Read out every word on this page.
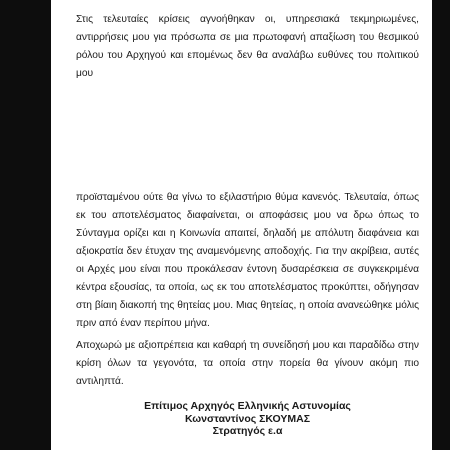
Στις τελευταίες κρίσεις αγνοήθηκαν οι, υπηρεσιακά τεκμηριωμένες, αντιρρήσεις μου για πρόσωπα σε μια πρωτοφανή απαξίωση του θεσμικού ρόλου του Αρχηγού και επομένως δεν θα αναλάβω ευθύνες του πολιτικού μου

προϊσταμένου ούτε θα γίνω το εξιλαστήριο θύμα κανενός. Τελευταία, όπως εκ του αποτελέσματος διαφαίνεται, οι αποφάσεις μου να δρω όπως το Σύνταγμα ορίζει και η Κοινωνία απαιτεί, δηλαδή με απόλυτη διαφάνεια και αξιοκρατία δεν έτυχαν της αναμενόμενης αποδοχής. Για την ακρίβεια, αυτές οι Αρχές μου είναι που προκάλεσαν έντονη δυσαρέσκεια σε συγκεκριμένα κέντρα εξουσίας, τα οποία, ως εκ του αποτελέσματος προκύπτει, οδήγησαν στη βίαιη διακοπή της θητείας μου. Μιας θητείας, η οποία ανανεώθηκε μόλις πριν από έναν περίπου μήνα.

Αποχωρώ με αξιοπρέπεια και καθαρή τη συνείδησή μου και παραδίδω στην κρίση όλων τα γεγονότα, τα οποία στην πορεία θα γίνουν ακόμη πιο αντιληπτά.

Επίτιμος Αρχηγός Ελληνικής Αστυνομίας
Κωνσταντίνος ΣΚΟΥΜΑΣ
Στρατηγός ε.α
